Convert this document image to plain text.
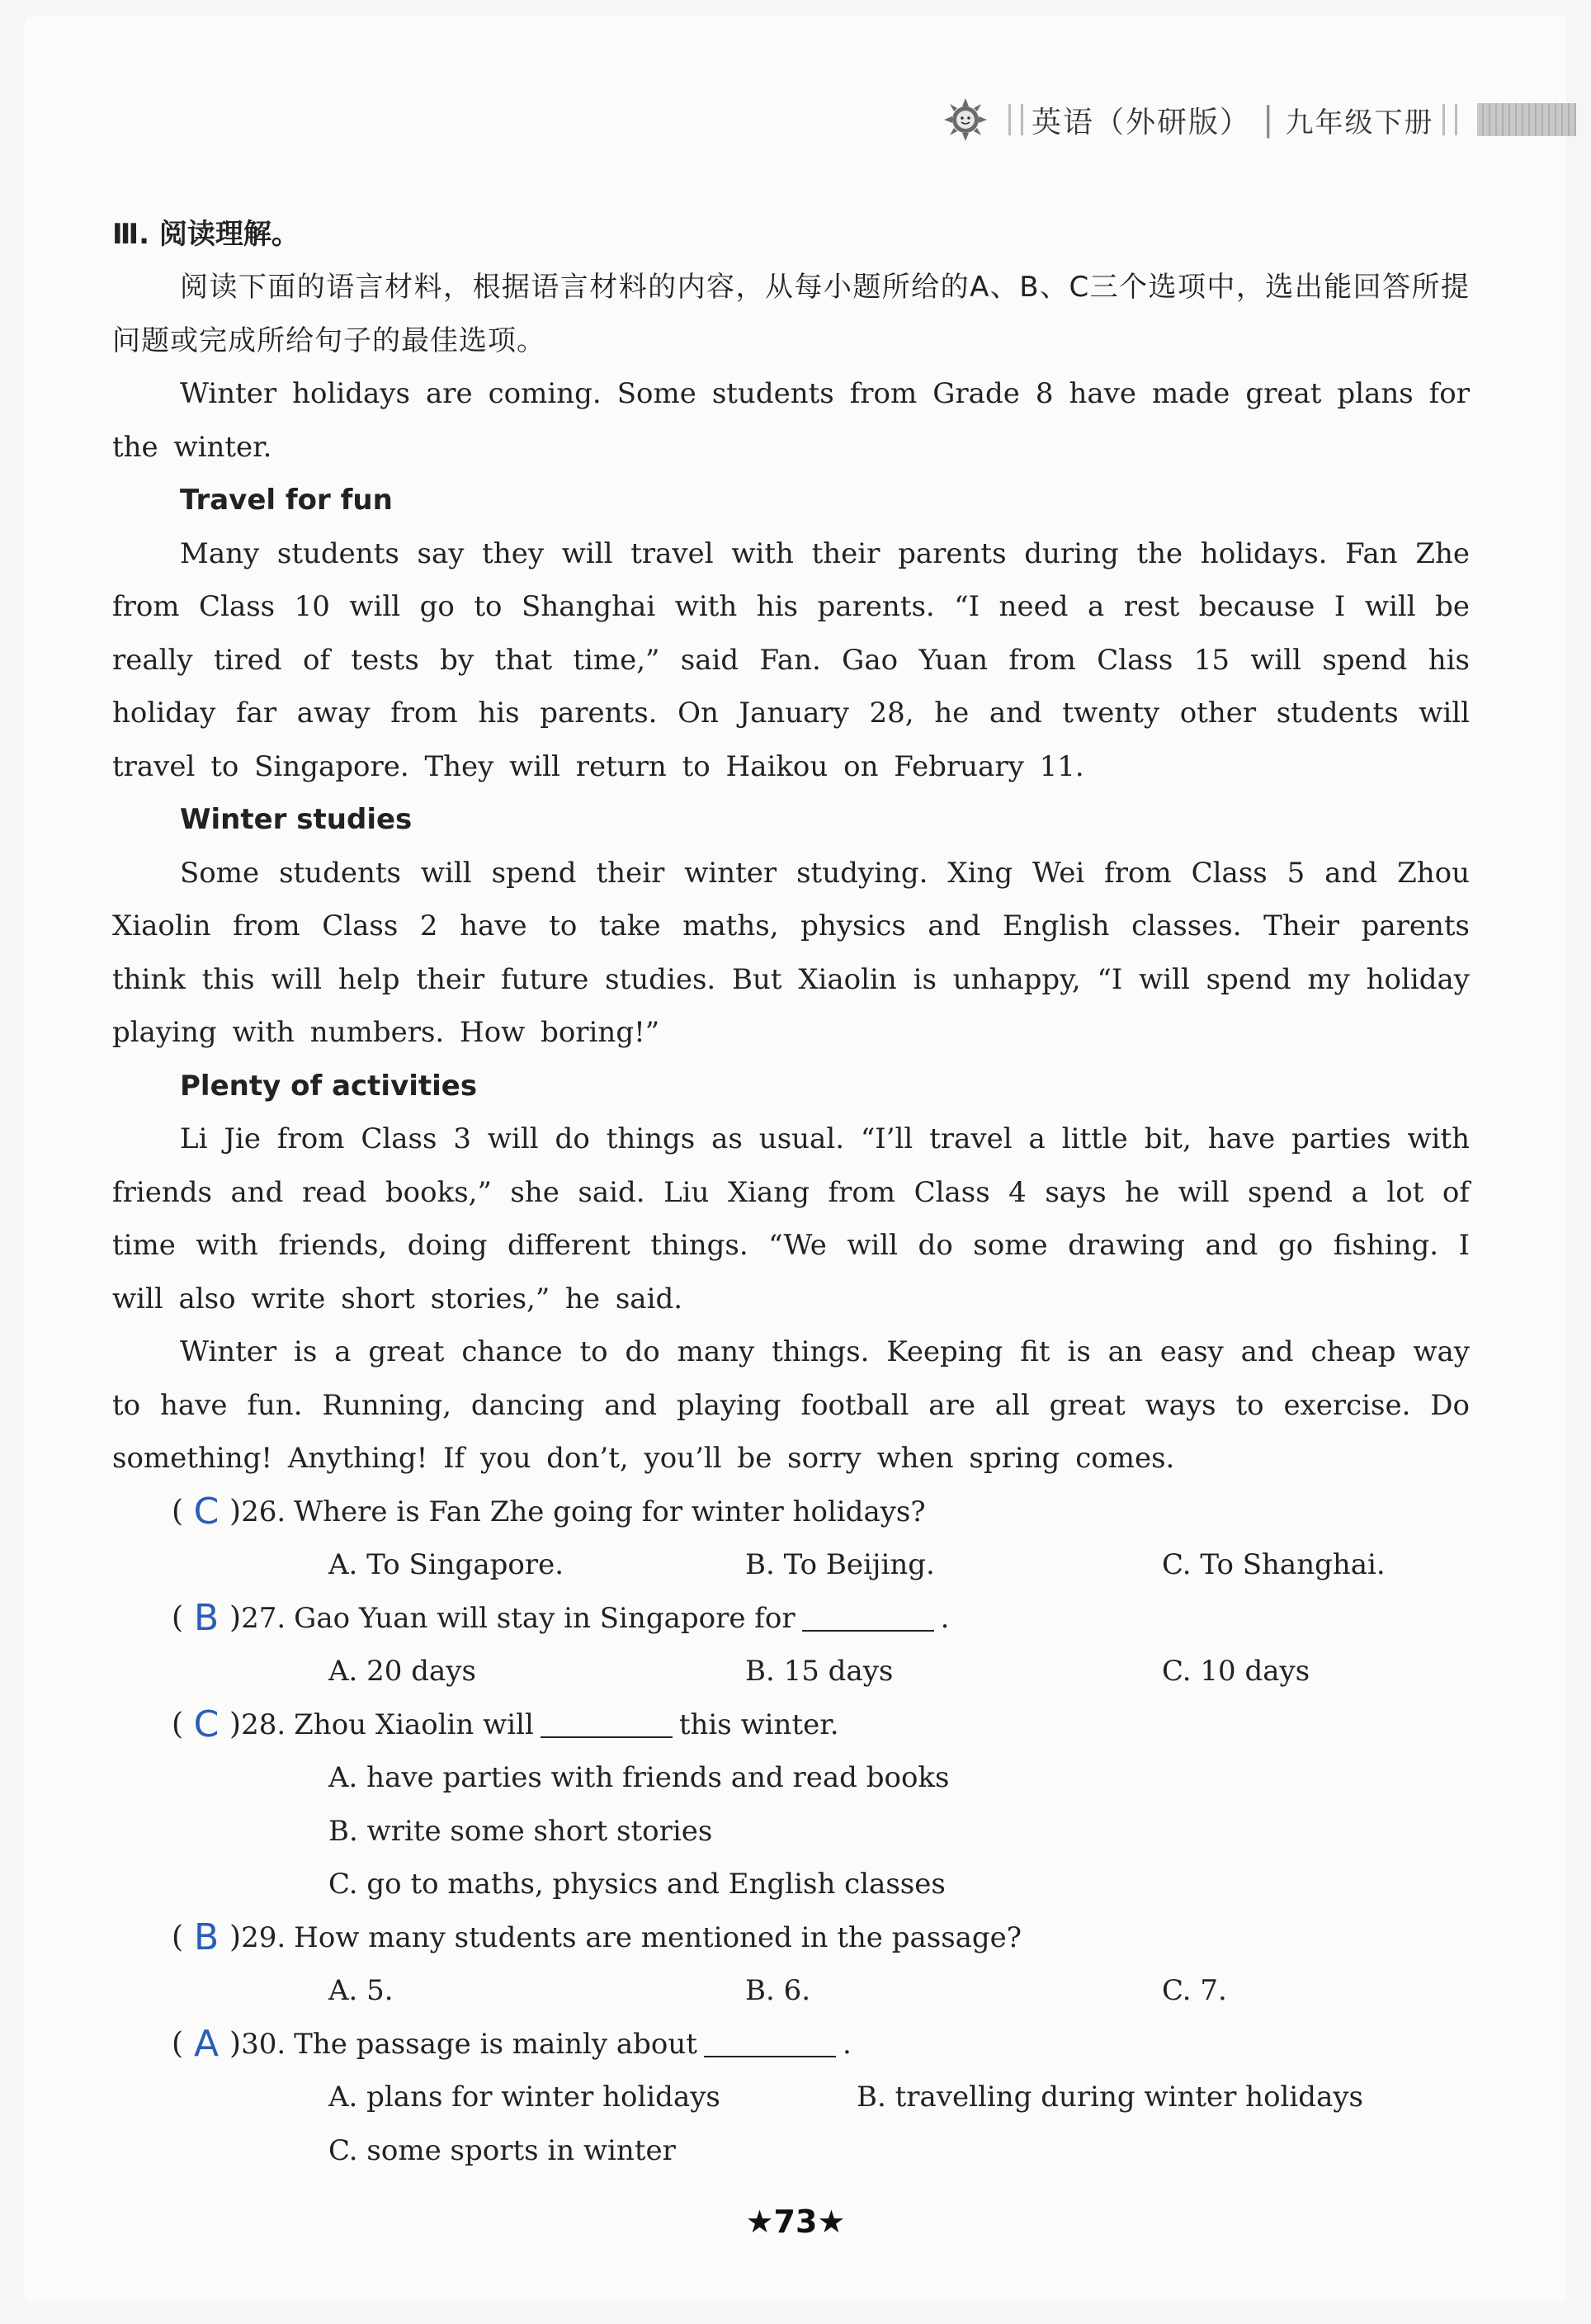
英语（外研版） | 九年级下册
Ⅲ. 阅读理解。
阅读下面的语言材料，根据语言材料的内容，从每小题所给的A、B、C三个选项中，选出能回答所提问题或完成所给句子的最佳选项。
Winter holidays are coming. Some students from Grade 8 have made great plans for the winter.
Travel for fun
Many students say they will travel with their parents during the holidays. Fan Zhe from Class 10 will go to Shanghai with his parents. “I need a rest because I will be really tired of tests by that time,” said Fan. Gao Yuan from Class 15 will spend his holiday far away from his parents. On January 28, he and twenty other students will travel to Singapore. They will return to Haikou on February 11.
Winter studies
Some students will spend their winter studying. Xing Wei from Class 5 and Zhou Xiaolin from Class 2 have to take maths, physics and English classes. Their parents think this will help their future studies. But Xiaolin is unhappy, “I will spend my holiday playing with numbers. How boring!”
Plenty of activities
Li Jie from Class 3 will do things as usual. “I’ll travel a little bit, have parties with friends and read books,” she said. Liu Xiang from Class 4 says he will spend a lot of time with friends, doing different things. “We will do some drawing and go fishing. I will also write short stories,” he said.
Winter is a great chance to do many things. Keeping fit is an easy and cheap way to have fun. Running, dancing and playing football are all great ways to exercise. Do something! Anything! If you don’t, you’ll be sorry when spring comes.
( C ) 26. Where is Fan Zhe going for winter holidays?
A. To Singapore.	B. To Beijing.	C. To Shanghai.
( B ) 27. Gao Yuan will stay in Singapore for	.
A. 20 days	B. 15 days	C. 10 days
( C ) 28. Zhou Xiaolin will	this winter.
A. have parties with friends and read books
B. write some short stories
C. go to maths, physics and English classes
( B ) 29. How many students are mentioned in the passage?
A. 5.	B. 6.	C. 7.
( A ) 30. The passage is mainly about	.
A. plans for winter holidays	B. travelling during winter holidays
C. some sports in winter
★73★
